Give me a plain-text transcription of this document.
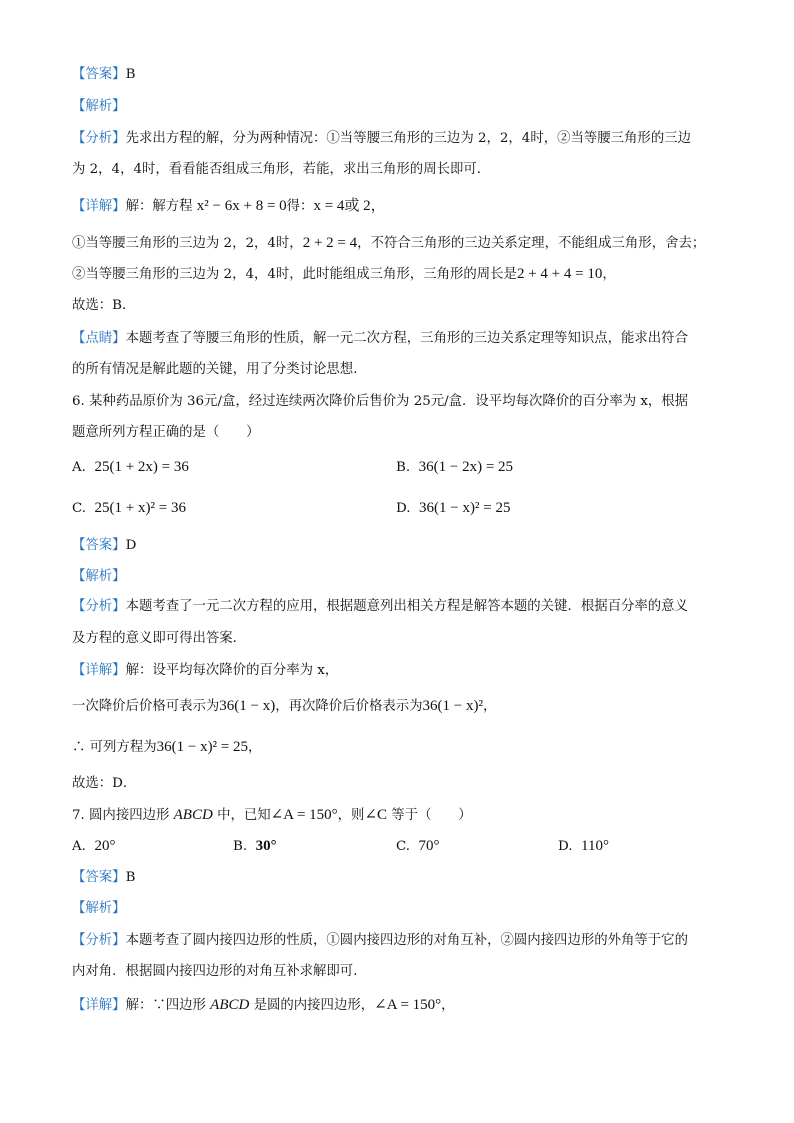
【答案】B
【解析】
【分析】先求出方程的解，分为两种情况：①当等腰三角形的三边为 2，2，4时，②当等腰三角形的三边
为 2，4，4时，看看能否组成三角形，若能，求出三角形的周长即可．
【详解】解：解方程 x² − 6x + 8 = 0得：x = 4或 2，
①当等腰三角形的三边为 2，2，4时，2 + 2 = 4，不符合三角形的三边关系定理，不能组成三角形，舍去；
②当等腰三角形的三边为 2，4，4时，此时能组成三角形，三角形的周长是2 + 4 + 4 = 10，
故选：B．
【点睛】本题考查了等腰三角形的性质，解一元二次方程，三角形的三边关系定理等知识点，能求出符合
的所有情况是解此题的关键，用了分类讨论思想．
6. 某种药品原价为 36元/盒，经过连续两次降价后售价为 25元/盒．设平均每次降价的百分率为 x，根据
题意所列方程正确的是（　　）
A. 25(1 + 2x) = 36	B. 36(1 − 2x) = 25
C. 25(1 + x)² = 36	D. 36(1 − x)² = 25
【答案】D
【解析】
【分析】本题考查了一元二次方程的应用，根据题意列出相关方程是解答本题的关键．根据百分率的意义
及方程的意义即可得出答案．
【详解】解：设平均每次降价的百分率为 x，
一次降价后价格可表示为36(1 − x)，再次降价后价格表示为36(1 − x)²，
∴ 可列方程为36(1 − x)² = 25，
故选：D．
7. 圆内接四边形 ABCD 中，已知∠A = 150°，则∠C 等于（　　）
A. 20°	B. 30°	C. 70°	D. 110°
【答案】B
【解析】
【分析】本题考查了圆内接四边形的性质，①圆内接四边形的对角互补，②圆内接四边形的外角等于它的
内对角．根据圆内接四边形的对角互补求解即可．
【详解】解：∵四边形 ABCD 是圆的内接四边形，∠A = 150°，
